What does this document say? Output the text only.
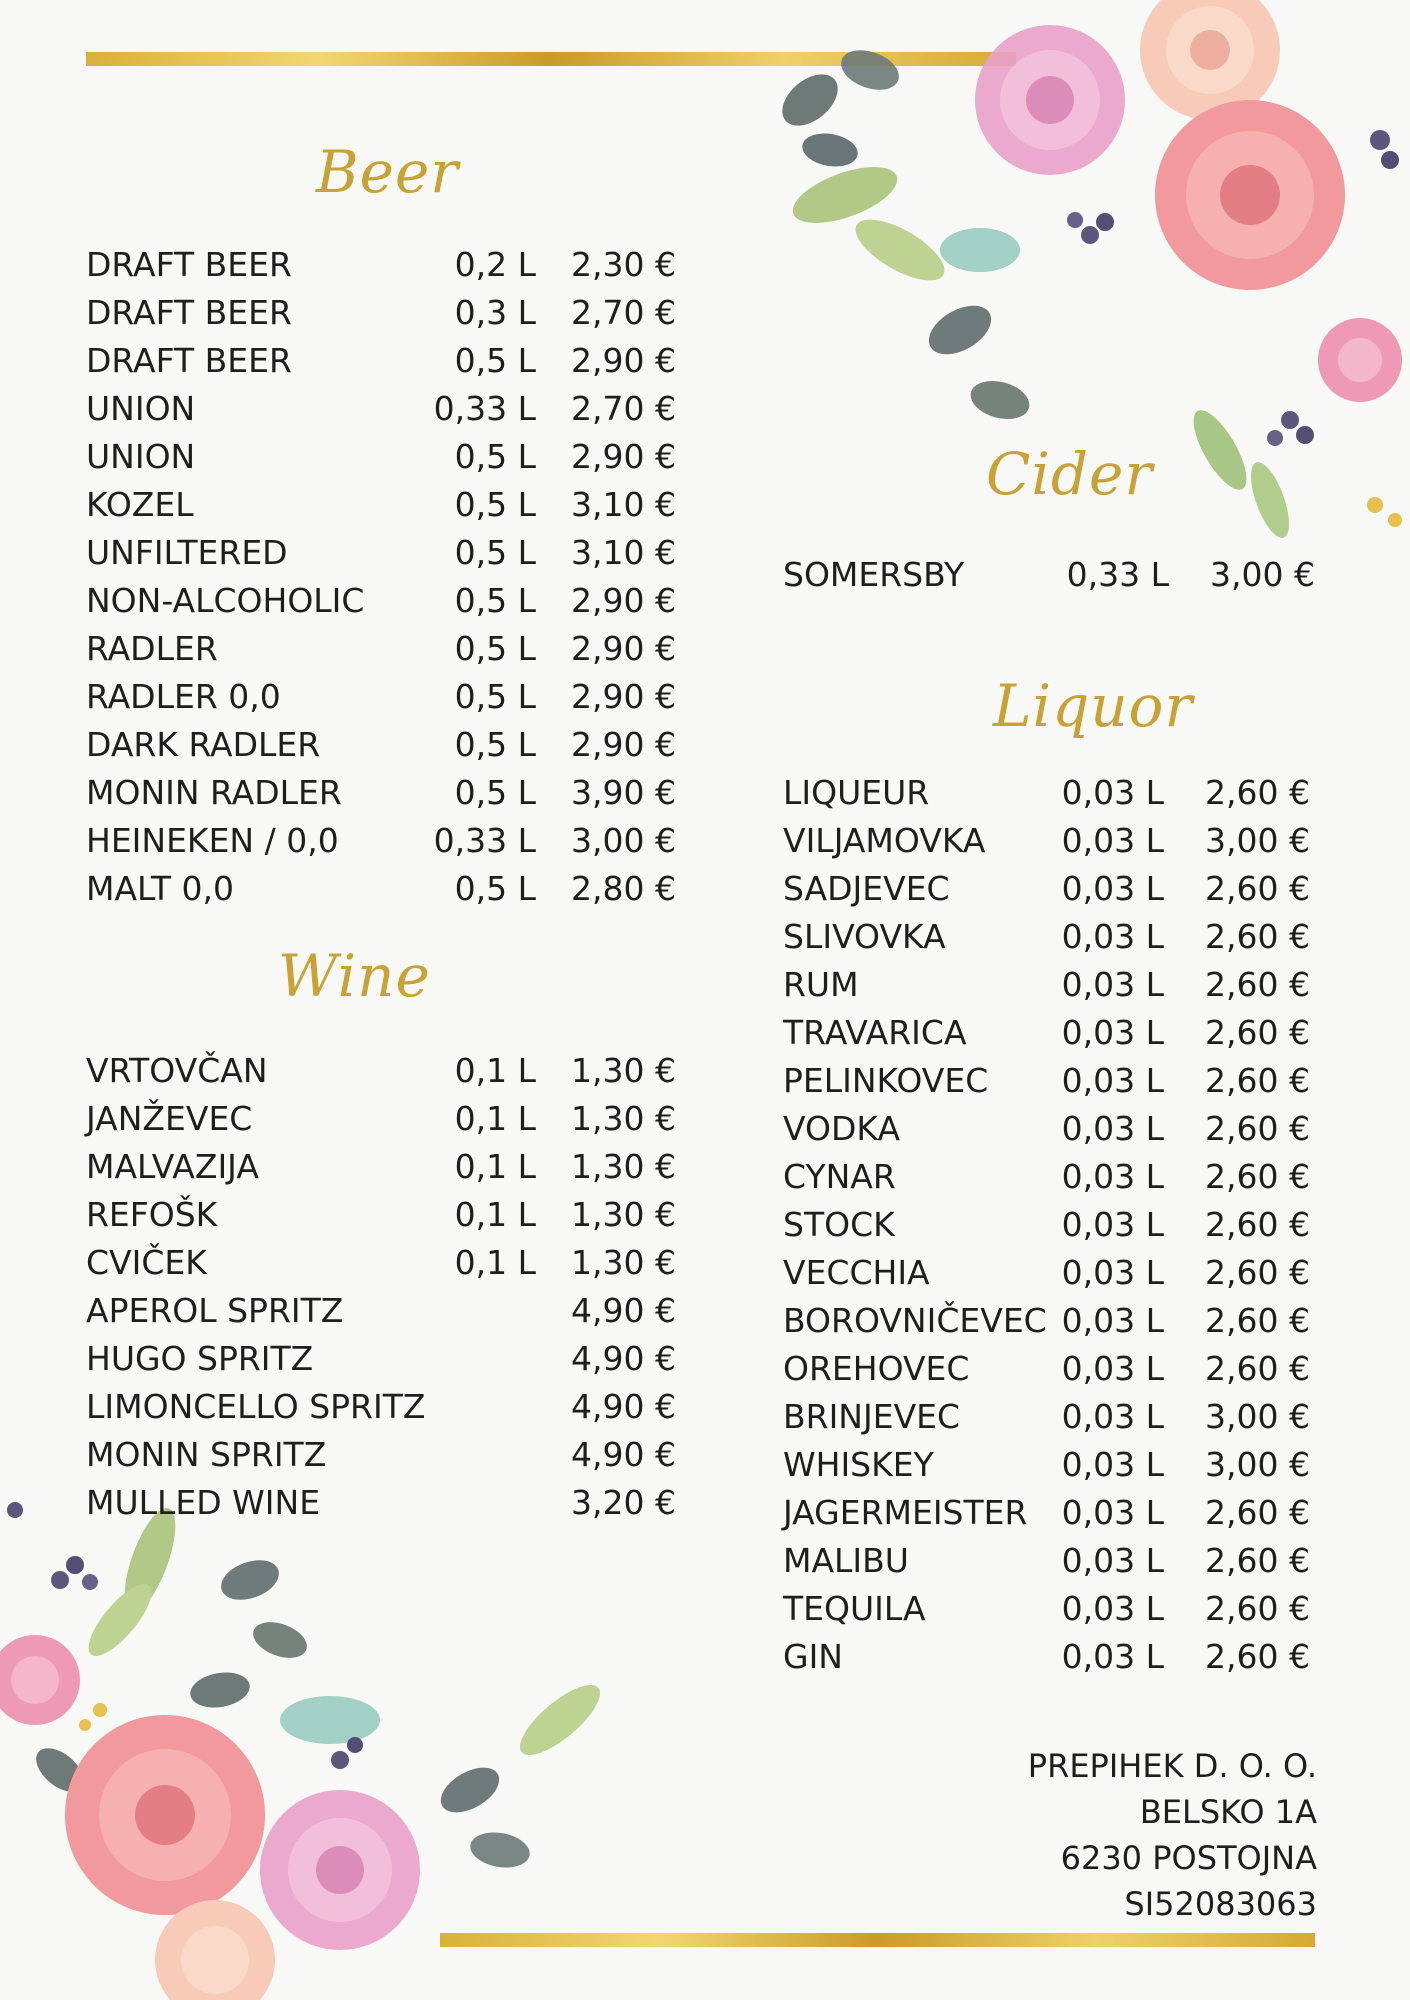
Beer
DRAFT BEER	0,2 L 2,30 €
DRAFT BEER	0,3 L 2,70 €
DRAFT BEER	0,5 L 2,90 €
UNION	0,33 L 2,70 €
UNION	0,5 L 2,90 €
KOZEL	0,5 L 3,10 €
UNFILTERED	0,5 L 3,10 €
NON-ALCOHOLIC	0,5 L 2,90 €
RADLER	0,5 L 2,90 €
RADLER 0,0	0,5 L 2,90 €
DARK RADLER	0,5 L 2,90 €
MONIN RADLER	0,5 L 3,90 €
HEINEKEN / 0,0	0,33 L 3,00 €
MALT 0,0	0,5 L 2,80 €
Wine
VRTOVČAN	0,1 L 1,30 €
JANŽEVEC	0,1 L 1,30 €
MALVAZIJA	0,1 L 1,30 €
REFOŠK	0,1 L 1,30 €
CVIČEK	0,1 L 1,30 €
APEROL SPRITZ	4,90 €
HUGO SPRITZ	4,90 €
LIMONCELLO SPRITZ	4,90 €
MONIN SPRITZ	4,90 €
MULLED WINE	3,20 €
Cider
SOMERSBY	0,33 L 3,00 €
Liquor
LIQUEUR	0,03 L 2,60 €
VILJAMOVKA 0,03 L 3,00 €
SADJEVEC	0,03 L 2,60 €
SLIVOVKA	0,03 L 2,60 €
RUM	0,03 L 2,60 €
TRAVARICA	0,03 L 2,60 €
PELINKOVEC 0,03 L 2,60 €
VODKA	0,03 L 2,60 €
CYNAR	0,03 L 2,60 €
STOCK	0,03 L 2,60 €
VECCHIA	0,03 L 2,60 €
BOROVNIČEVEC 0,03 L 2,60 €
OREHOVEC	0,03 L 2,60 €
BRINJEVEC	0,03 L 3,00 €
WHISKEY	0,03 L 3,00 €
JAGERMEISTER 0,03 L 2,60 €
MALIBU	0,03 L 2,60 €
TEQUILA	0,03 L 2,60 €
GIN	0,03 L 2,60 €
PREPIHEK D. O. O.
BELSKO 1A
6230 POSTOJNA
SI52083063
